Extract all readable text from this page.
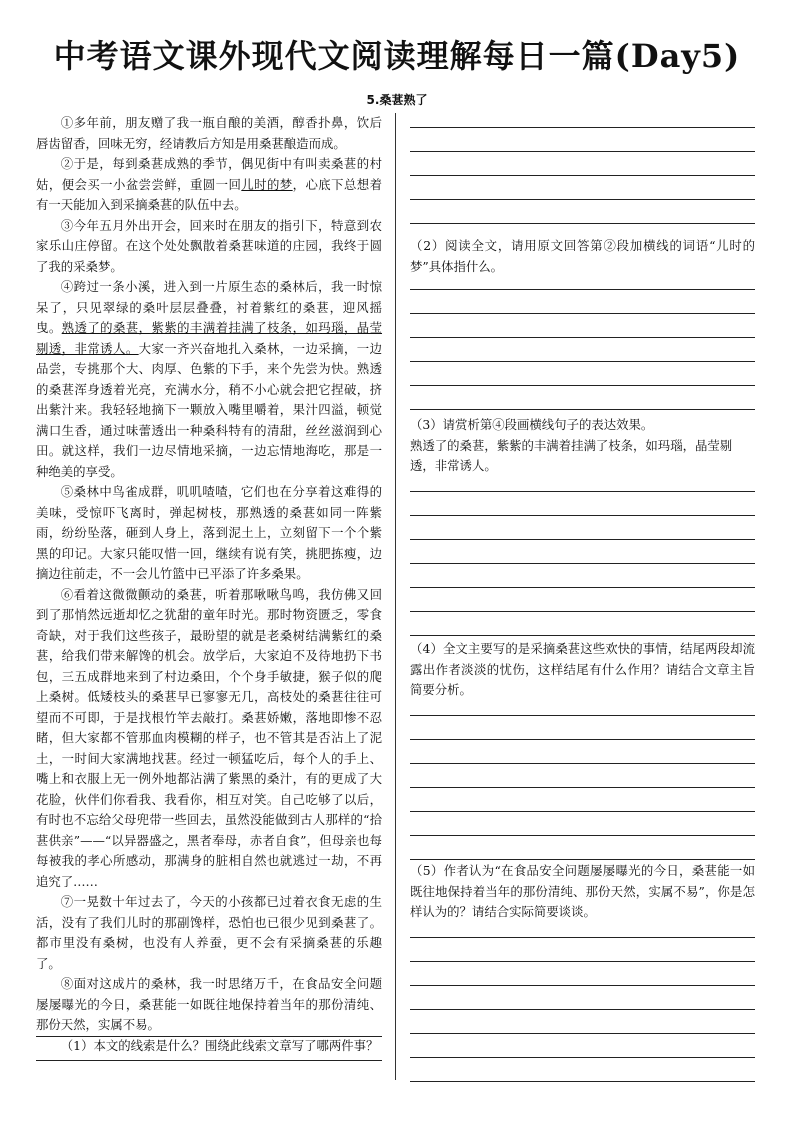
中考语文课外现代文阅读理解每日一篇(Day5)
5.桑葚熟了

①多年前，朋友赠了我一瓶自酿的美酒，醇香扑鼻，饮后唇齿留香，回味无穷，经请教后方知是用桑葚酿造而成。

②于是，每到桑葚成熟的季节，偶见街中有叫卖桑葚的村姑，便会买一小盆尝尝鲜，重圆一回儿时的梦，心底下总想着有一天能加入到采摘桑葚的队伍中去。

③今年五月外出开会，回来时在朋友的指引下，特意到农家乐山庄停留。在这个处处飘散着桑葚味道的庄园，我终于圆了我的采桑梦。

④跨过一条小溪，进入到一片原生态的桑林后，我一时惊呆了，只见翠绿的桑叶层层叠叠，衬着紫红的桑葚，迎风摇曳。熟透了的桑葚，紫紫的丰满着挂满了枝条，如玛瑙，晶莹剔透，非常诱人。大家一齐兴奋地扎入桑林，一边采摘，一边品尝，专挑那个大、肉厚、色紫的下手，来个先尝为快。熟透的桑葚浑身透着光亮，充满水分，稍不小心就会把它捏破，挤出紫汁来。我轻轻地摘下一颗放入嘴里嚼着，果汁四溢，顿觉满口生香，通过味蕾透出一种桑科特有的清甜，丝丝滋润到心田。就这样，我们一边尽情地采摘，一边忘情地海吃，那是一种绝美的享受。

⑤桑林中鸟雀成群，叽叽喳喳，它们也在分享着这难得的美味，受惊吓飞离时，弹起树枝，那熟透的桑葚如同一阵紫雨，纷纷坠落，砸到人身上，落到泥土上，立刻留下一个个紫黑的印记。大家只能叹惜一回，继续有说有笑，挑肥拣瘦，边摘边往前走，不一会儿竹篮中已平添了许多桑果。

⑥看着这微微颤动的桑葚，听着那啾啾鸟鸣，我仿佛又回到了那悄然远逝却忆之犹甜的童年时光。那时物资匮乏，零食奇缺，对于我们这些孩子，最盼望的就是老桑树结满紫红的桑葚，给我们带来解馋的机会。放学后，大家迫不及待地扔下书包，三五成群地来到了村边桑田，个个身手敏捷，猴子似的爬上桑树。低矮枝头的桑葚早已寥寥无几，高枝处的桑葚往往可望而不可即，于是找根竹竿去敲打。桑葚娇嫩，落地即惨不忍睹，但大家都不管那血肉模糊的样子，也不管其是否沾上了泥土，一时间大家满地找葚。经过一顿猛吃后，每个人的手上、嘴上和衣服上无一例外地都沾满了紫黑的桑汁，有的更成了大花脸，伙伴们你看我、我看你，相互对笑。自己吃够了以后，有时也不忘给父母兜带一些回去，虽然没能做到古人那样的“拾葚供亲”——“以异器盛之，黑者奉母，赤者自食”，但母亲也每每被我的孝心所感动，那满身的脏相自然也就逃过一劫，不再追究了……

⑦一晃数十年过去了，今天的小孩都已过着衣食无虑的生活，没有了我们儿时的那副馋样，恐怕也已很少见到桑葚了。都市里没有桑树，也没有人养蚕，更不会有采摘桑葚的乐趣了。

⑧面对这成片的桑林，我一时思绪万千，在食品安全问题屡屡曝光的今日，桑葚能一如既往地保持着当年的那份清纯、那份天然，实属不易。

（1）本文的线索是什么？围绕此线索文章写了哪两件事？

（2）阅读全文，请用原文回答第②段加横线的词语“儿时的梦”具体指什么。

（3）请赏析第④段画横线句子的表达效果。

熟透了的桑葚，紫紫的丰满着挂满了枝条，如玛瑙，晶莹剔透，非常诱人。

（4）全文主要写的是采摘桑葚这些欢快的事情，结尾两段却流露出作者淡淡的忧伤，这样结尾有什么作用？请结合文章主旨简要分析。

（5）作者认为“在食品安全问题屡屡曝光的今日，桑葚能一如既往地保持着当年的那份清纯、那份天然，实属不易”，你是怎样认为的？请结合实际简要谈谈。
